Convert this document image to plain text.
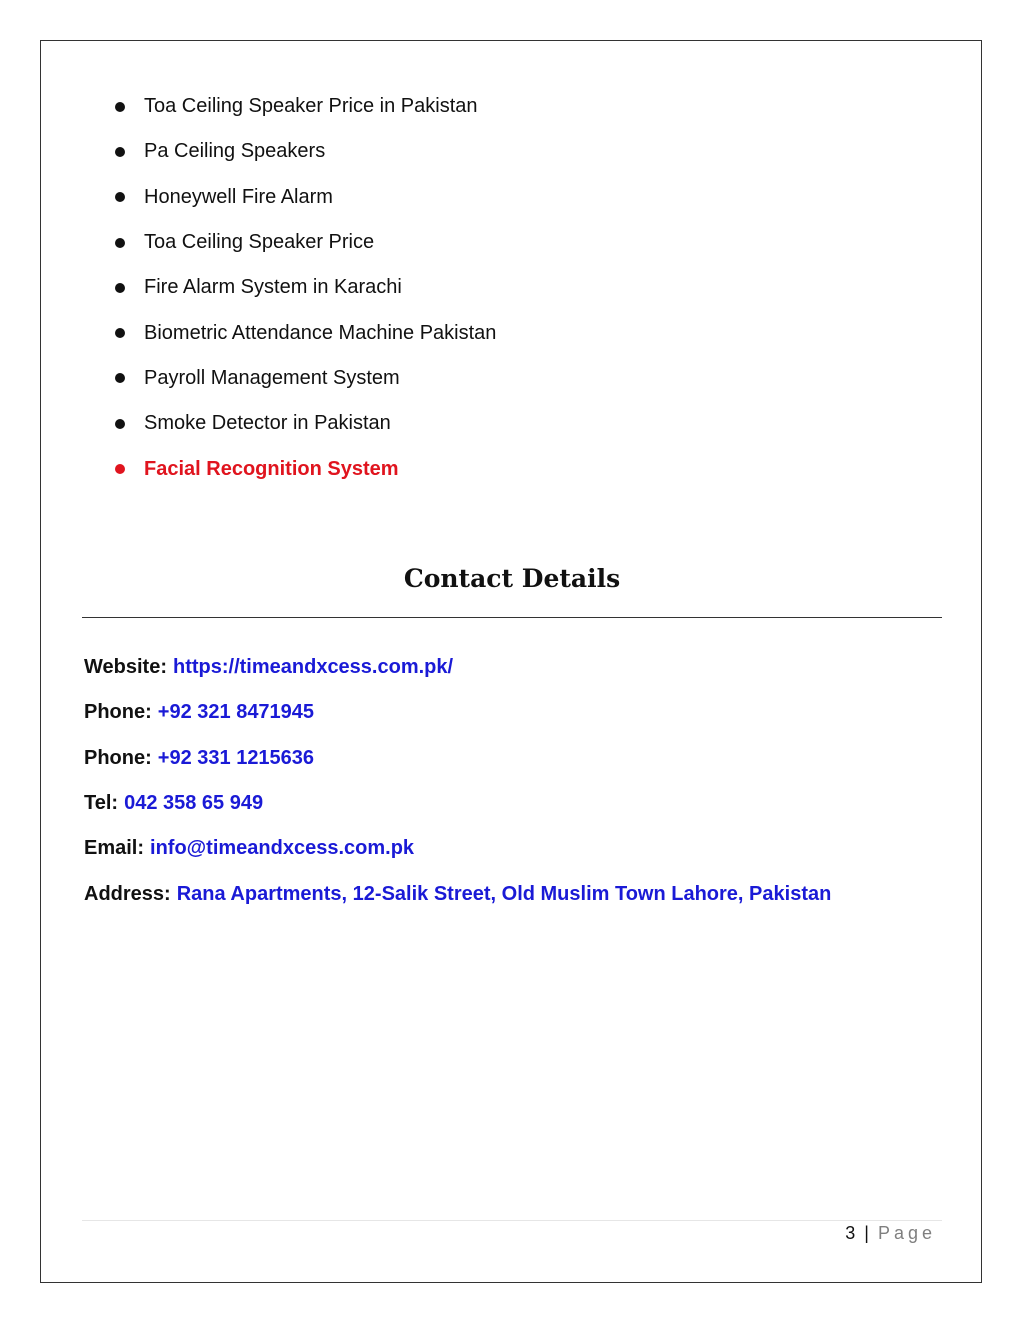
Toa Ceiling Speaker Price in Pakistan
Pa Ceiling Speakers
Honeywell Fire Alarm
Toa Ceiling Speaker Price
Fire Alarm System in Karachi
Biometric Attendance Machine Pakistan
Payroll Management System
Smoke Detector in Pakistan
Facial Recognition System
Contact Details
Website: https://timeandxcess.com.pk/
Phone: +92 321 8471945
Phone: +92 331 1215636
Tel: 042 358 65 949
Email: info@timeandxcess.com.pk
Address: Rana Apartments, 12-Salik Street, Old Muslim Town Lahore, Pakistan
3 | Page
